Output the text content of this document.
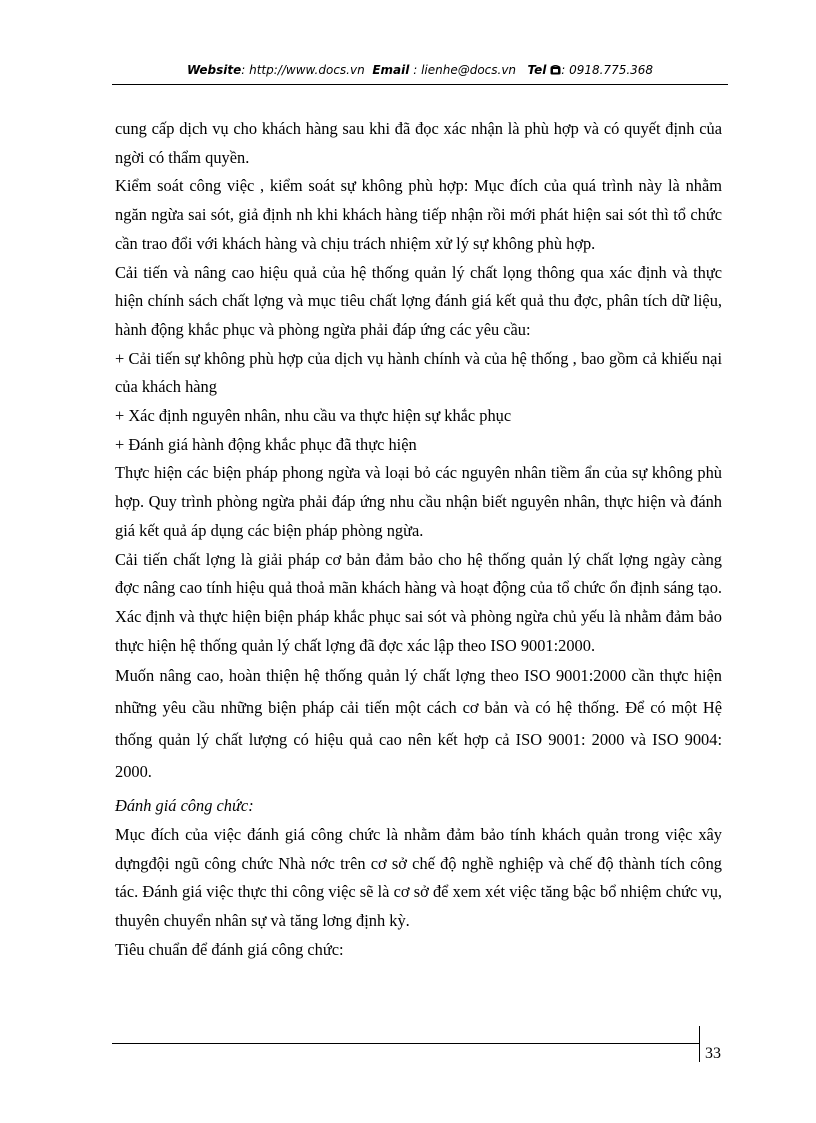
Website: http://www.docs.vn Email : lienhe@docs.vn Tel : 0918.775.368

cung cấp dịch vụ cho khách hàng sau khi đã đọc xác nhận là phù hợp và có quyết định của ngời có thẩm quyền.

Kiểm soát công việc , kiểm soát sự không phù hợp: Mục đích của quá trình này là nhằm ngăn ngừa sai sót, giả định nh khi khách hàng tiếp nhận rồi mới phát hiện sai sót thì tổ chức cần trao đổi với khách hàng và chịu trách nhiệm xử lý sự không phù hợp.

Cải tiến và nâng cao hiệu quả của hệ thống quản lý chất lọng thông qua xác định và thực hiện chính sách chất lợng và mục tiêu chất lợng đánh giá kết quả thu đợc, phân tích dữ liệu, hành động khắc phục và phòng ngừa phải đáp ứng các yêu cầu:

+ Cải tiến sự không phù hợp của dịch vụ hành chính và của hệ thống , bao gồm cả khiếu nại của khách hàng

+ Xác định nguyên nhân, nhu cầu va thực hiện sự khắc phục

+ Đánh giá hành động khắc phục đã thực hiện

Thực hiện các biện pháp phong ngừa và loại bỏ các nguyên nhân tiềm ẩn của sự không phù hợp. Quy trình phòng ngừa phải đáp ứng nhu cầu nhận biết nguyên nhân, thực hiện và đánh giá kết quả áp dụng các biện pháp phòng ngừa.

Cải tiến chất lợng là giải pháp cơ bản đảm bảo cho hệ thống quản lý chất lợng ngày càng đợc nâng cao tính hiệu quả thoả mãn khách hàng và hoạt động của tổ chức ổn định sáng tạo. Xác định và thực hiện biện pháp khắc phục sai sót và phòng ngừa chủ yếu là nhằm đảm bảo thực hiện hệ thống quản lý chất lợng đã đợc xác lập theo ISO 9001:2000.

Muốn nâng cao, hoàn thiện hệ thống quản lý chất lợng theo ISO 9001:2000 cần thực hiện những yêu cầu những biện pháp cải tiến một cách cơ bản và có hệ thống. Để có một Hệ thống quản lý chất lượng có hiệu quả cao nên kết hợp cả ISO 9001: 2000 và ISO 9004: 2000.

Đánh giá công chức:

Mục đích của việc đánh giá công chức là nhằm đảm bảo tính khách quản trong việc xây dựngđội ngũ công chức Nhà nớc trên cơ sở chế độ nghề nghiệp và chế độ thành tích công tác. Đánh giá việc thực thi công việc sẽ là cơ sở để xem xét việc tăng bậc bổ nhiệm chức vụ, thuyên chuyển nhân sự và tăng lơng định kỳ.

Tiêu chuẩn để đánh giá công chức:

33
